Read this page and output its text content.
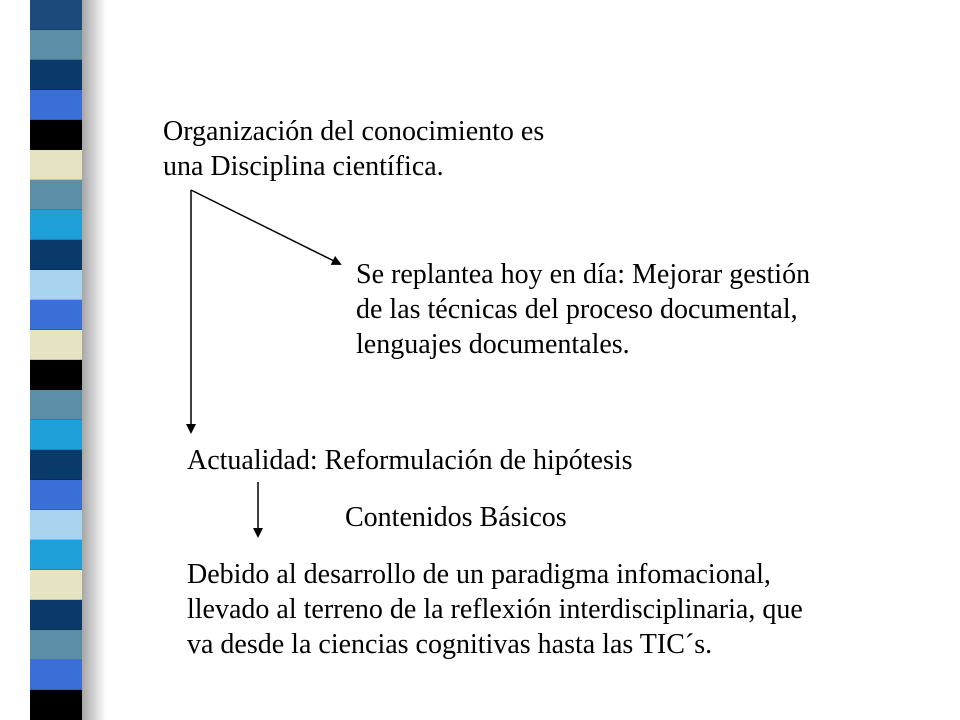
Organización del conocimiento es
una Disciplina científica.

Se replantea hoy en día: Mejorar gestión
de las técnicas del proceso documental,
lenguajes documentales.

Actualidad: Reformulación de hipótesis

Contenidos Básicos

Debido al desarrollo de un paradigma infomacional,
llevado al terreno de la reflexión interdisciplinaria, que
va desde la ciencias cognitivas hasta las TIC´s.
